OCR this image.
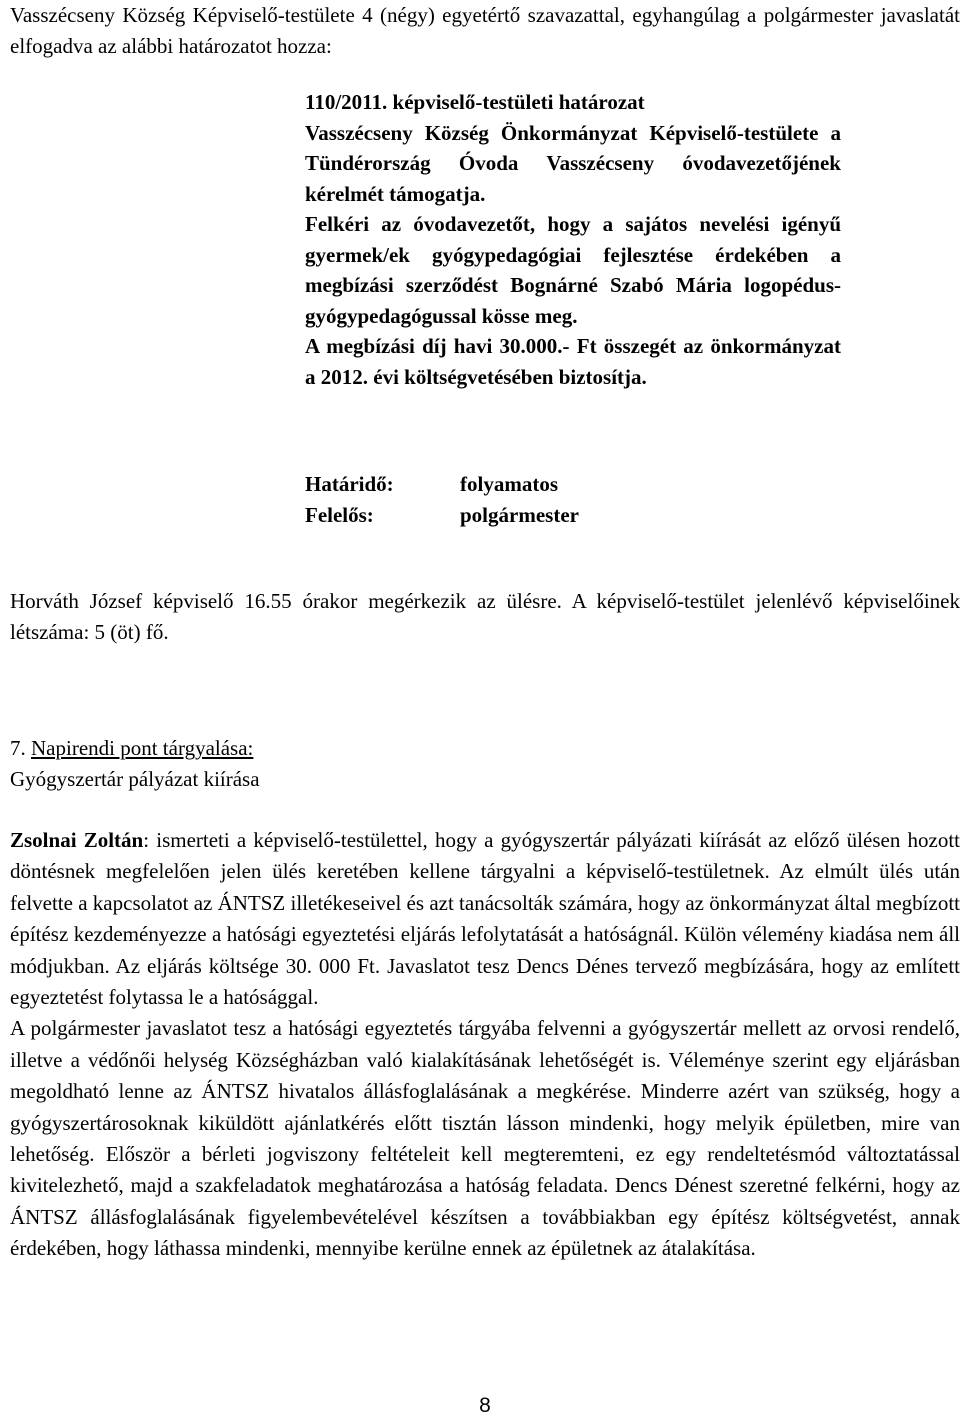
Vasszécseny Község Képviselő-testülete 4 (négy) egyetértő szavazattal, egyhangúlag a polgármester javaslatát elfogadva az alábbi határozatot hozza:

110/2011. képviselő-testületi határozat

Vasszécseny Község Önkormányzat Képviselő-testülete a Tündérország Óvoda Vasszécseny óvodavezetőjének kérelmét támogatja.

Felkéri az óvodavezetőt, hogy a sajátos nevelési igényű gyermek/ek gyógypedagógiai fejlesztése érdekében a megbízási szerződést Bognárné Szabó Mária logopédus-gyógypedagógussal kösse meg.

A megbízási díj havi 30.000.- Ft összegét az önkormányzat a 2012. évi költségvetésében biztosítja.

Határidő:	folyamatos
Felelős:	polgármester

Horváth József képviselő 16.55 órakor megérkezik az ülésre. A képviselő-testület jelenlévő képviselőinek létszáma: 5 (öt) fő.

7. Napirendi pont tárgyalása:
Gyógyszertár pályázat kiírása

Zsolnai Zoltán: ismerteti a képviselő-testülettel, hogy a gyógyszertár pályázati kiírását az előző ülésen hozott döntésnek megfelelően jelen ülés keretében kellene tárgyalni a képviselő-testületnek. Az elmúlt ülés után felvette a kapcsolatot az ÁNTSZ illetékeseivel és azt tanácsolták számára, hogy az önkormányzat által megbízott építész kezdeményezze a hatósági egyeztetési eljárás lefolytatását a hatóságnál. Külön vélemény kiadása nem áll módjukban. Az eljárás költsége 30. 000 Ft. Javaslatot tesz Dencs Dénes tervező megbízására, hogy az említett egyeztetést folytassa le a hatósággal.

A polgármester javaslatot tesz a hatósági egyeztetés tárgyába felvenni a gyógyszertár mellett az orvosi rendelő, illetve a védőnői helység Községházban való kialakításának lehetőségét is. Véleménye szerint egy eljárásban megoldható lenne az ÁNTSZ hivatalos állásfoglalásának a megkérése. Minderre azért van szükség, hogy a gyógyszertárosoknak kiküldött ajánlatkérés előtt tisztán lásson mindenki, hogy melyik épületben, mire van lehetőség. Először a bérleti jogviszony feltételeit kell megteremteni, ez egy rendeltetésmód változtatással kivitelezhető, majd a szakfeladatok meghatározása a hatóság feladata. Dencs Dénest szeretné felkérni, hogy az ÁNTSZ állásfoglalásának figyelembevételével készítsen a továbbiakban egy építész költségvetést, annak érdekében, hogy láthassa mindenki, mennyibe kerülne ennek az épületnek az átalakítása.

8
